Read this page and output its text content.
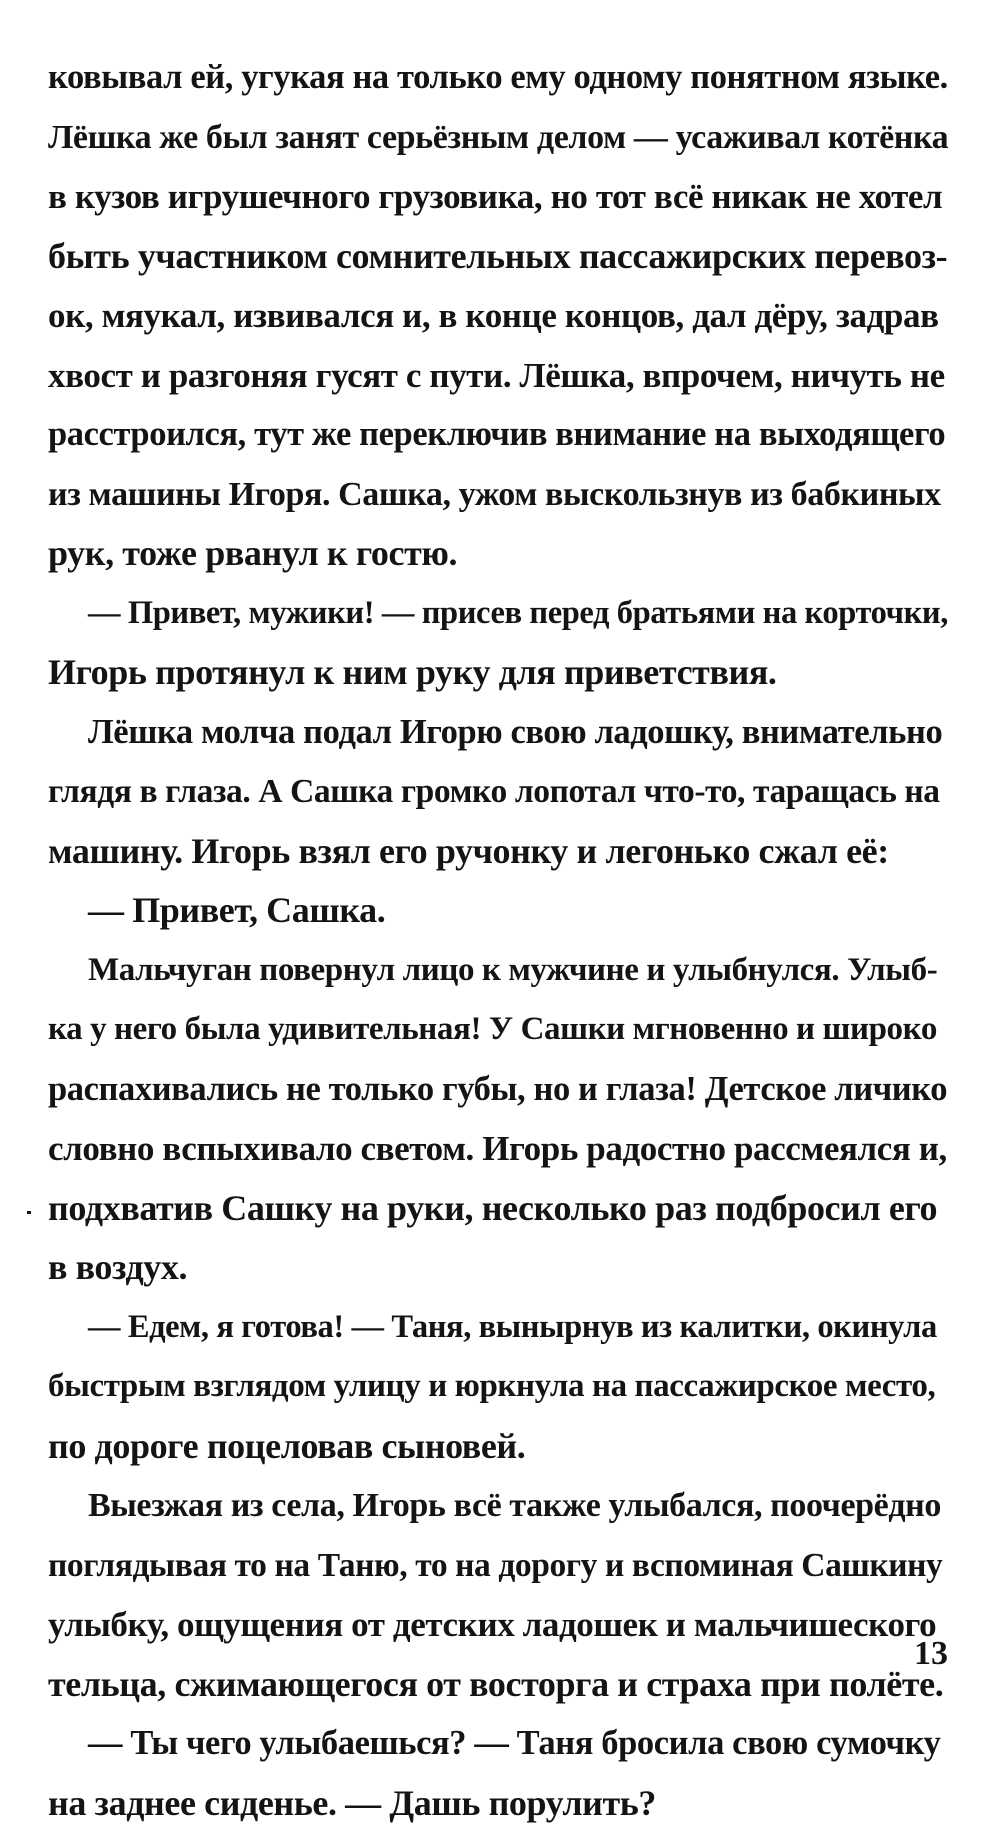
ковывал ей, угукая на только ему одному понятном языке.
Лёшка же был занят серьёзным делом — усаживал котёнка
в кузов игрушечного грузовика, но тот всё никак не хотел
быть участником сомнительных пассажирских перевоз-
ок, мяукал, извивался и, в конце концов, дал дёру, задрав
хвост и разгоняя гусят с пути. Лёшка, впрочем, ничуть не
расстроился, тут же переключив внимание на выходящего
из машины Игоря. Сашка, ужом выскользнув из бабкиных
рук, тоже рванул к гостю.
— Привет, мужики! — присев перед братьями на корточки,
Игорь протянул к ним руку для приветствия.
Лёшка молча подал Игорю свою ладошку, внимательно
глядя в глаза. А Сашка громко лопотал что-то, таращась на
машину. Игорь взял его ручонку и легонько сжал её:
— Привет, Сашка.
Мальчуган повернул лицо к мужчине и улыбнулся. Улыб-
ка у него была удивительная! У Сашки мгновенно и широко
распахивались не только губы, но и глаза! Детское личико
словно вспыхивало светом. Игорь радостно рассмеялся и,
подхватив Сашку на руки, несколько раз подбросил его
в воздух.
— Едем, я готова! — Таня, вынырнув из калитки, окинула
быстрым взглядом улицу и юркнула на пассажирское место,
по дороге поцеловав сыновей.
Выезжая из села, Игорь всё также улыбался, поочерёдно
поглядывая то на Таню, то на дорогу и вспоминая Сашкину
улыбку, ощущения от детских ладошек и мальчишеского
тельца, сжимающегося от восторга и страха при полёте.
— Ты чего улыбаешься? — Таня бросила свою сумочку
на заднее сиденье. — Дашь порулить?
13
